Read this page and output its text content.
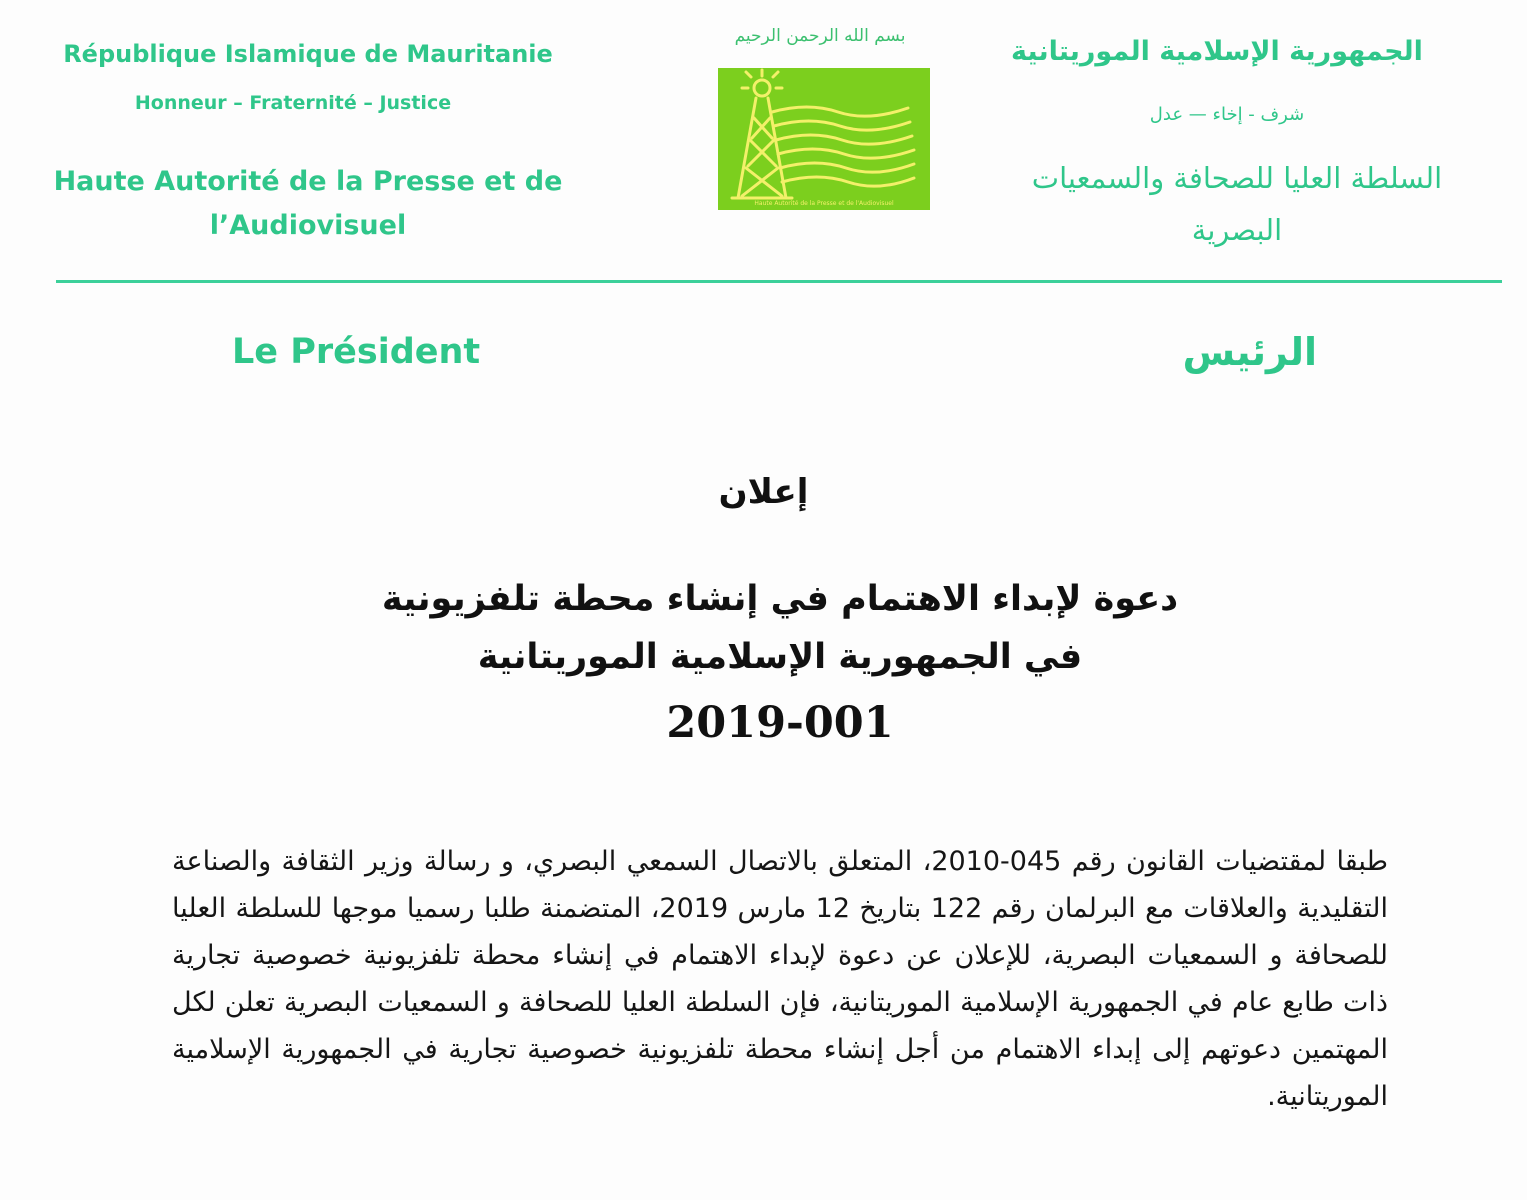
République Islamique de Mauritanie
Honneur – Fraternité – Justice
Haute Autorité de la Presse et de
l’Audiovisuel
بسم الله الرحمن الرحيم
Haute Autorité de la Presse et de l'Audiovisuel
الجمهورية الإسلامية الموريتانية
شرف - إخاء — عدل
السلطة العليا للصحافة والسمعيات
البصرية
Le Président	الرئيس
إعلان
دعوة لإبداء الاهتمام في إنشاء محطة تلفزيونية
في الجمهورية الإسلامية الموريتانية
2019-001
طبقا لمقتضيات القانون رقم 045-2010، المتعلق بالاتصال السمعي البصري، و رسالة وزير الثقافة والصناعة التقليدية والعلاقات مع البرلمان رقم 122 بتاريخ 12 مارس 2019، المتضمنة طلبا رسميا موجها للسلطة العليا للصحافة و السمعيات البصرية، للإعلان عن دعوة لإبداء الاهتمام في إنشاء محطة تلفزيونية خصوصية تجارية ذات طابع عام في الجمهورية الإسلامية الموريتانية، فإن السلطة العليا للصحافة و السمعيات البصرية تعلن لكل المهتمين دعوتهم إلى إبداء الاهتمام من أجل إنشاء محطة تلفزيونية خصوصية تجارية في الجمهورية الإسلامية الموريتانية.
